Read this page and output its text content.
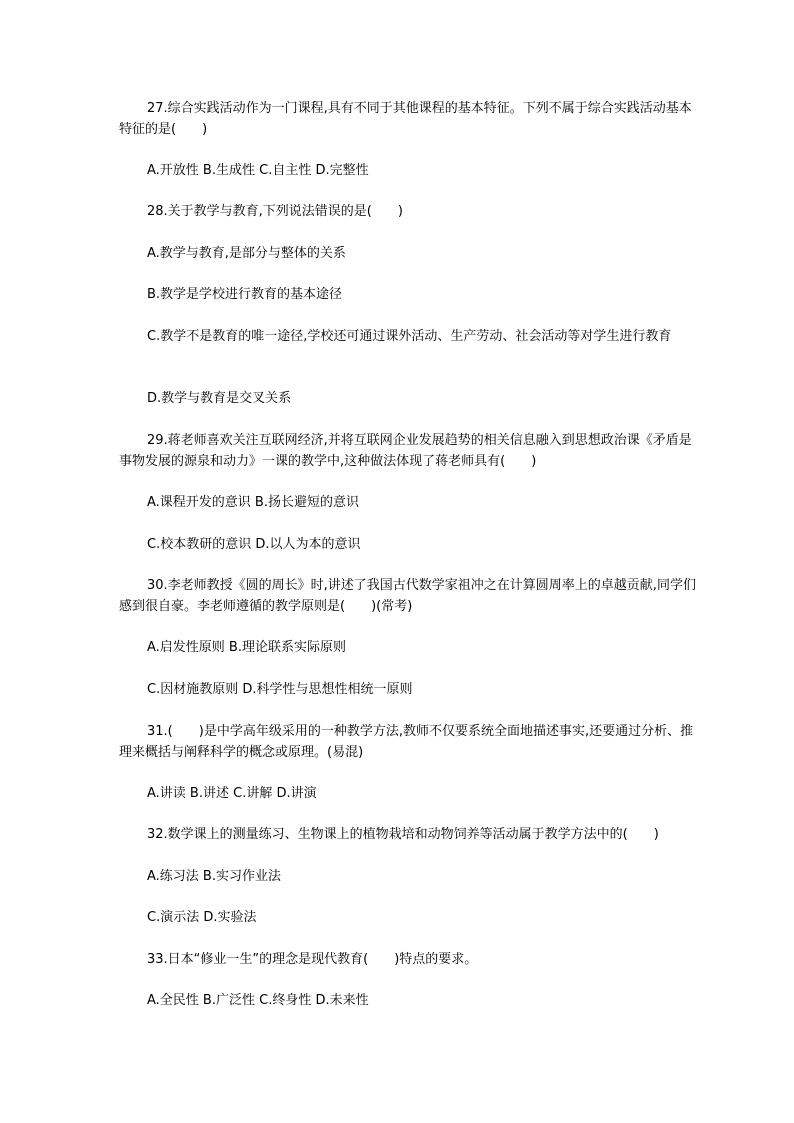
27.综合实践活动作为一门课程,具有不同于其他课程的基本特征。下列不属于综合实践活动基本特征的是(　　)

A.开放性 B.生成性 C.自主性 D.完整性

28.关于教学与教育,下列说法错误的是(　　)

A.教学与教育,是部分与整体的关系

B.教学是学校进行教育的基本途径

C.教学不是教育的唯一途径,学校还可通过课外活动、生产劳动、社会活动等对学生进行教育

D.教学与教育是交叉关系

29.蒋老师喜欢关注互联网经济,并将互联网企业发展趋势的相关信息融入到思想政治课《矛盾是事物发展的源泉和动力》一课的教学中,这种做法体现了蒋老师具有(　　)

A.课程开发的意识 B.扬长避短的意识

C.校本教研的意识 D.以人为本的意识

30.李老师教授《圆的周长》时,讲述了我国古代数学家祖冲之在计算圆周率上的卓越贡献,同学们感到很自豪。李老师遵循的教学原则是(　　)(常考)

A.启发性原则 B.理论联系实际原则

C.因材施教原则 D.科学性与思想性相统一原则

31.(　　)是中学高年级采用的一种教学方法,教师不仅要系统全面地描述事实,还要通过分析、推理来概括与阐释科学的概念或原理。(易混)

A.讲读 B.讲述 C.讲解 D.讲演

32.数学课上的测量练习、生物课上的植物栽培和动物饲养等活动属于教学方法中的(　　)

A.练习法 B.实习作业法

C.演示法 D.实验法

33.日本“修业一生”的理念是现代教育(　　)特点的要求。

A.全民性 B.广泛性 C.终身性 D.未来性
